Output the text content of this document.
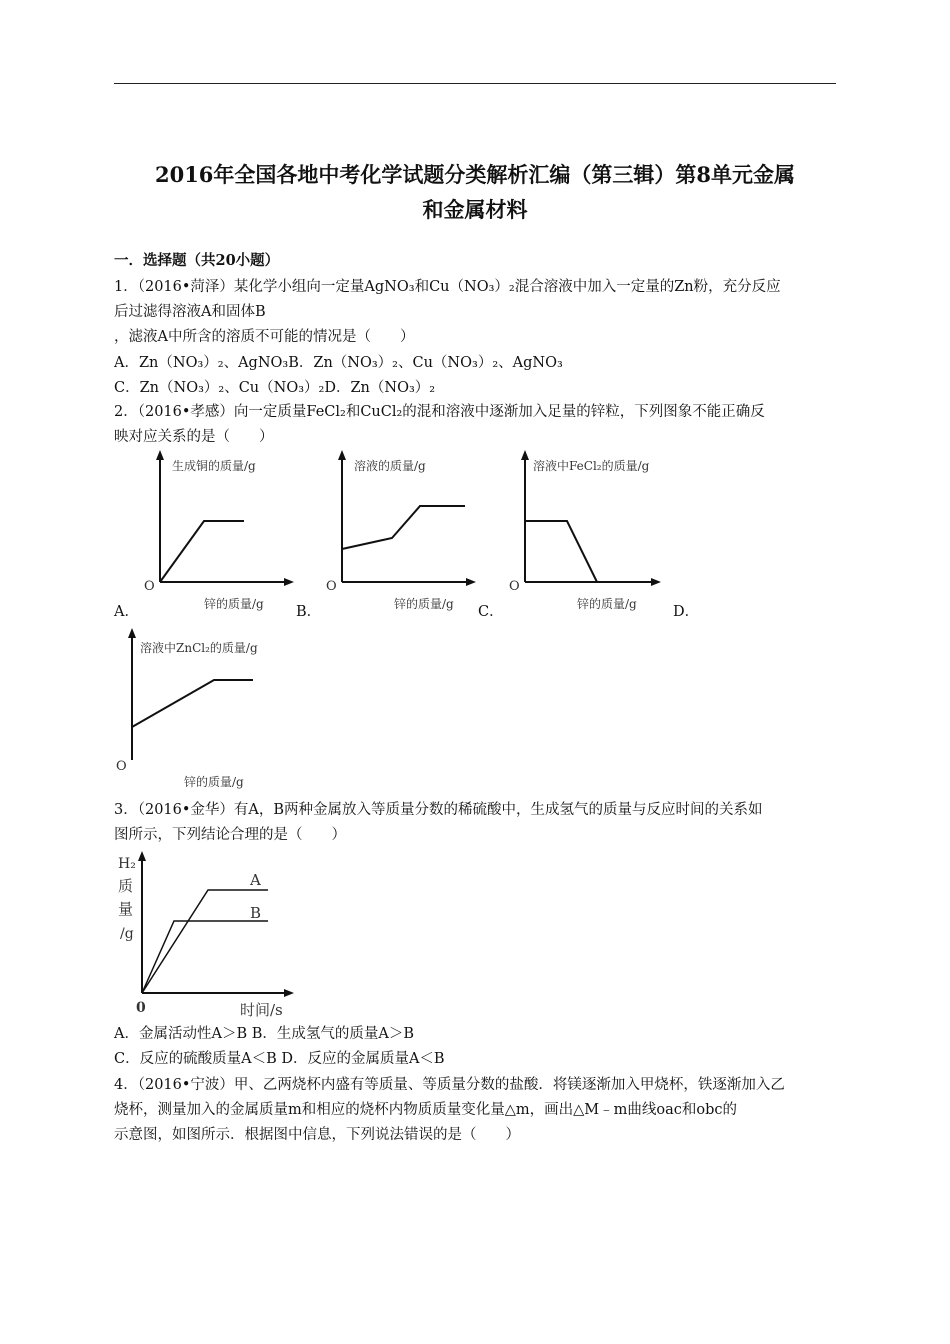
2016年全国各地中考化学试题分类解析汇编（第三辑）第8单元金属
和金属材料
一．选择题（共20小题）
1．（2016•菏泽）某化学小组向一定量AgNO₃和Cu（NO₃）₂混合溶液中加入一定量的Zn粉，充分反应
后过滤得溶液A和固体B
，滤液A中所含的溶质不可能的情况是（　　）
A．Zn（NO₃）₂、AgNO₃B．Zn（NO₃）₂、Cu（NO₃）₂、AgNO₃
C．Zn（NO₃）₂、Cu（NO₃）₂D．Zn（NO₃）₂
2．（2016•孝感）向一定质量FeCl₂和CuCl₂的混和溶液中逐渐加入足量的锌粒，下列图象不能正确反
映对应关系的是（　　）
生成铜的质量/g
O
锌的质量/g
A．
溶液的质量/g
O
锌的质量/g
B．
溶液中FeCl₂的质量/g
O
锌的质量/g
C．	D．
溶液中ZnCl₂的质量/g
O
锌的质量/g
3．（2016•金华）有A，B两种金属放入等质量分数的稀硫酸中，生成氢气的质量与反应时间的关系如
图所示，下列结论合理的是（　　）
A
B
H₂
质
量
/g
0	时间/s
A．金属活动性A＞B B．生成氢气的质量A＞B
C．反应的硫酸质量A＜B D．反应的金属质量A＜B
4．（2016•宁波）甲、乙两烧杯内盛有等质量、等质量分数的盐酸．将镁逐渐加入甲烧杯，铁逐渐加入乙
烧杯，测量加入的金属质量m和相应的烧杯内物质质量变化量△m，画出△M﹣m曲线oac和obc的
示意图，如图所示．根据图中信息，下列说法错误的是（　　）
